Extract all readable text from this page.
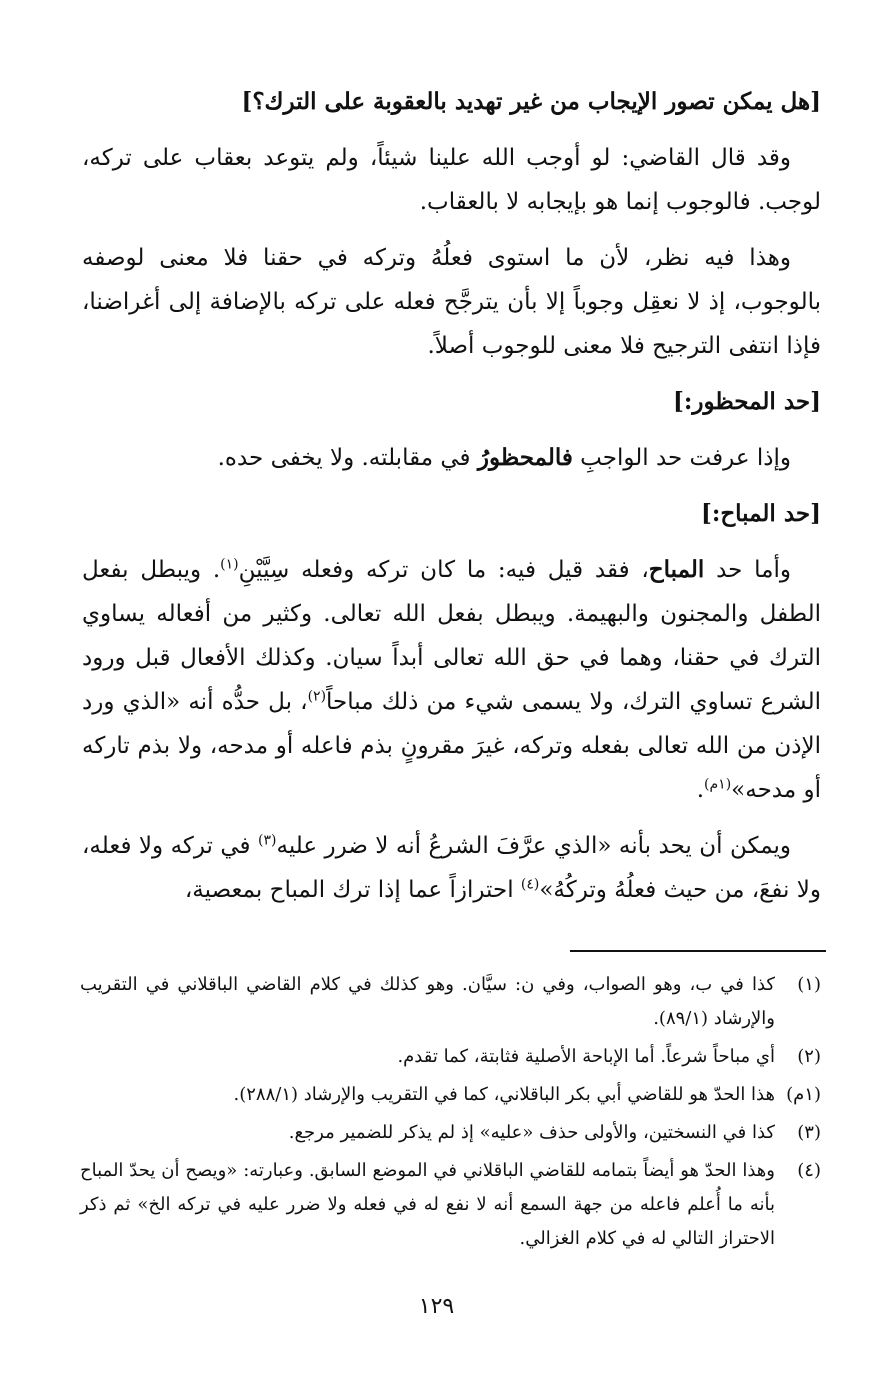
[هل يمكن تصور الإيجاب من غير تهديد بالعقوبة على الترك؟]

وقد قال القاضي: لو أوجب الله علينا شيئاً، ولم يتوعد بعقاب على تركه، لوجب. فالوجوب إنما هو بإيجابه لا بالعقاب.

وهذا فيه نظر، لأن ما استوى فعلُهُ وتركه في حقنا فلا معنى لوصفه بالوجوب، إذ لا نعقِل وجوباً إلا بأن يترجَّح فعله على تركه بالإضافة إلى أغراضنا، فإذا انتفى الترجيح فلا معنى للوجوب أصلاً.

[حد المحظور:]

وإذا عرفت حد الواجبِ فالمحظورُ في مقابلته. ولا يخفى حده.

[حد المباح:]

وأما حد المباح، فقد قيل فيه: ما كان تركه وفعله سِيَّيْنِ$^{(١)}$. ويبطل بفعل الطفل والمجنون والبهيمة. ويبطل بفعل الله تعالى. وكثير من أفعاله يساوي الترك في حقنا، وهما في حق الله تعالى أبداً سيان. وكذلك الأفعال قبل ورود الشرع تساوي الترك، ولا يسمى شيء من ذلك مباحاً$^{(٢)}$، بل حدُّه أنه «الذي ورد الإذن من الله تعالى بفعله وتركه، غيرَ مقرونٍ بذم فاعله أو مدحه، ولا بذم تاركه أو مدحه»$^{(١م)}$.

ويمكن أن يحد بأنه «الذي عرَّفَ الشرعُ أنه لا ضرر عليه$^{(٣)}$ في تركه ولا فعله، ولا نفعَ، من حيث فعلُهُ وتركُهُ»$^{(٤)}$ احترازاً عما إذا ترك المباح بمعصية،

(١)
كذا في ب، وهو الصواب، وفي ن: سيَّان. وهو كذلك في كلام القاضي الباقلاني في التقريب والإرشاد (٨٩/١).
(٢)
أي مباحاً شرعاً. أما الإباحة الأصلية فثابتة، كما تقدم.
(١م)
هذا الحدّ هو للقاضي أبي بكر الباقلاني، كما في التقريب والإرشاد (٢٨٨/١).
(٣)
كذا في النسختين، والأولى حذف «عليه» إذ لم يذكر للضمير مرجع.
(٤)
وهذا الحدّ هو أيضاً بتمامه للقاضي الباقلاني في الموضع السابق. وعبارته: «ويصح أن يحدّ المباح بأنه ما أُعلم فاعله من جهة السمع أنه لا نفع له في فعله ولا ضرر عليه في تركه الخ» ثم ذكر الاحتراز التالي له في كلام الغزالي.
١٢٩
